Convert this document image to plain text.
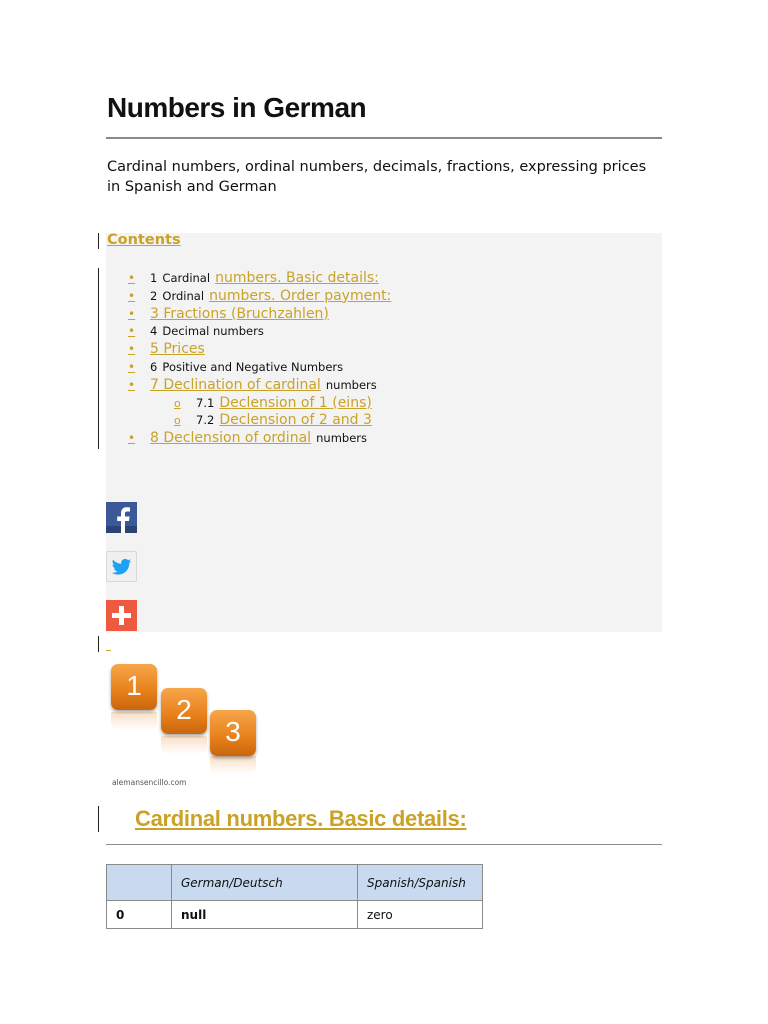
Numbers in German

Cardinal numbers, ordinal numbers, decimals, fractions, expressing prices in Spanish and German

Contents
• 1 Cardinal numbers. Basic details:
• 2 Ordinal numbers. Order payment:
• 3 Fractions (Bruchzahlen)
• 4 Decimal numbers
• 5 Prices
• 6 Positive and Negative Numbers
• 7 Declination of cardinal numbers
o 7.1 Declension of 1 (eins)
o 7.2 Declension of 2 and 3
• 8 Declension of ordinal numbers
1
2
3
alemansencillo.com
Cardinal numbers. Basic details:
	German/Deutsch	Spanish/Spanish
0	null	zero
